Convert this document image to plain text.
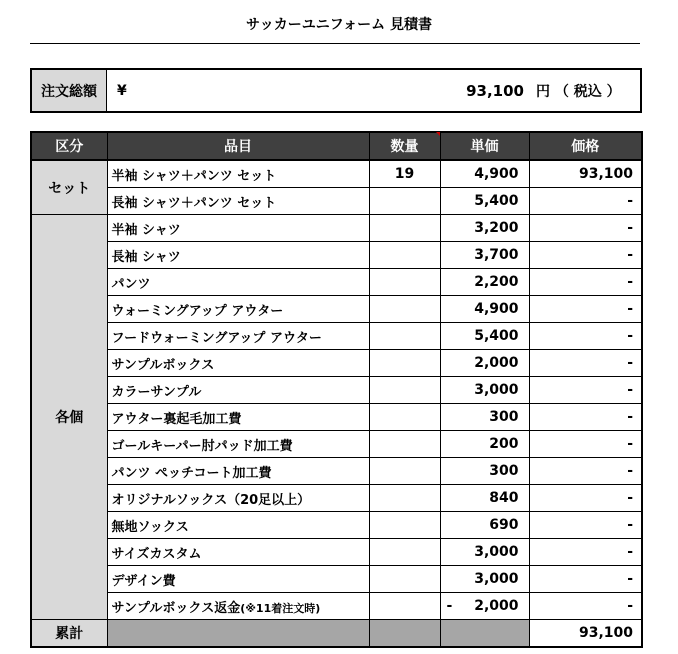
サッカーユニフォーム 見積書
注文総額	¥	93,100 円 （ 税込 ）
区分	品目	数量	単価	価格
セット	半袖 シャツ＋パンツ セット	19	4,900	93,100
	長袖 シャツ＋パンツ セット		5,400	-
各個	半袖 シャツ		3,200	-
	長袖 シャツ		3,700	-
	パンツ		2,200	-
	ウォーミングアップ アウター		4,900	-
	フードウォーミングアップ アウター		5,400	-
	サンプルボックス		2,000	-
	カラーサンプル		3,000	-
	アウター裏起毛加工費		300	-
	ゴールキーパー肘パッド加工費		200	-
	パンツ ペッチコート加工費		300	-
	オリジナルソックス（20足以上）		840	-
	無地ソックス		690	-
	サイズカスタム		3,000	-
	デザイン費		3,000	-
	サンプルボックス返金(※11着注文時)		- 2,000	-
累計				93,100
